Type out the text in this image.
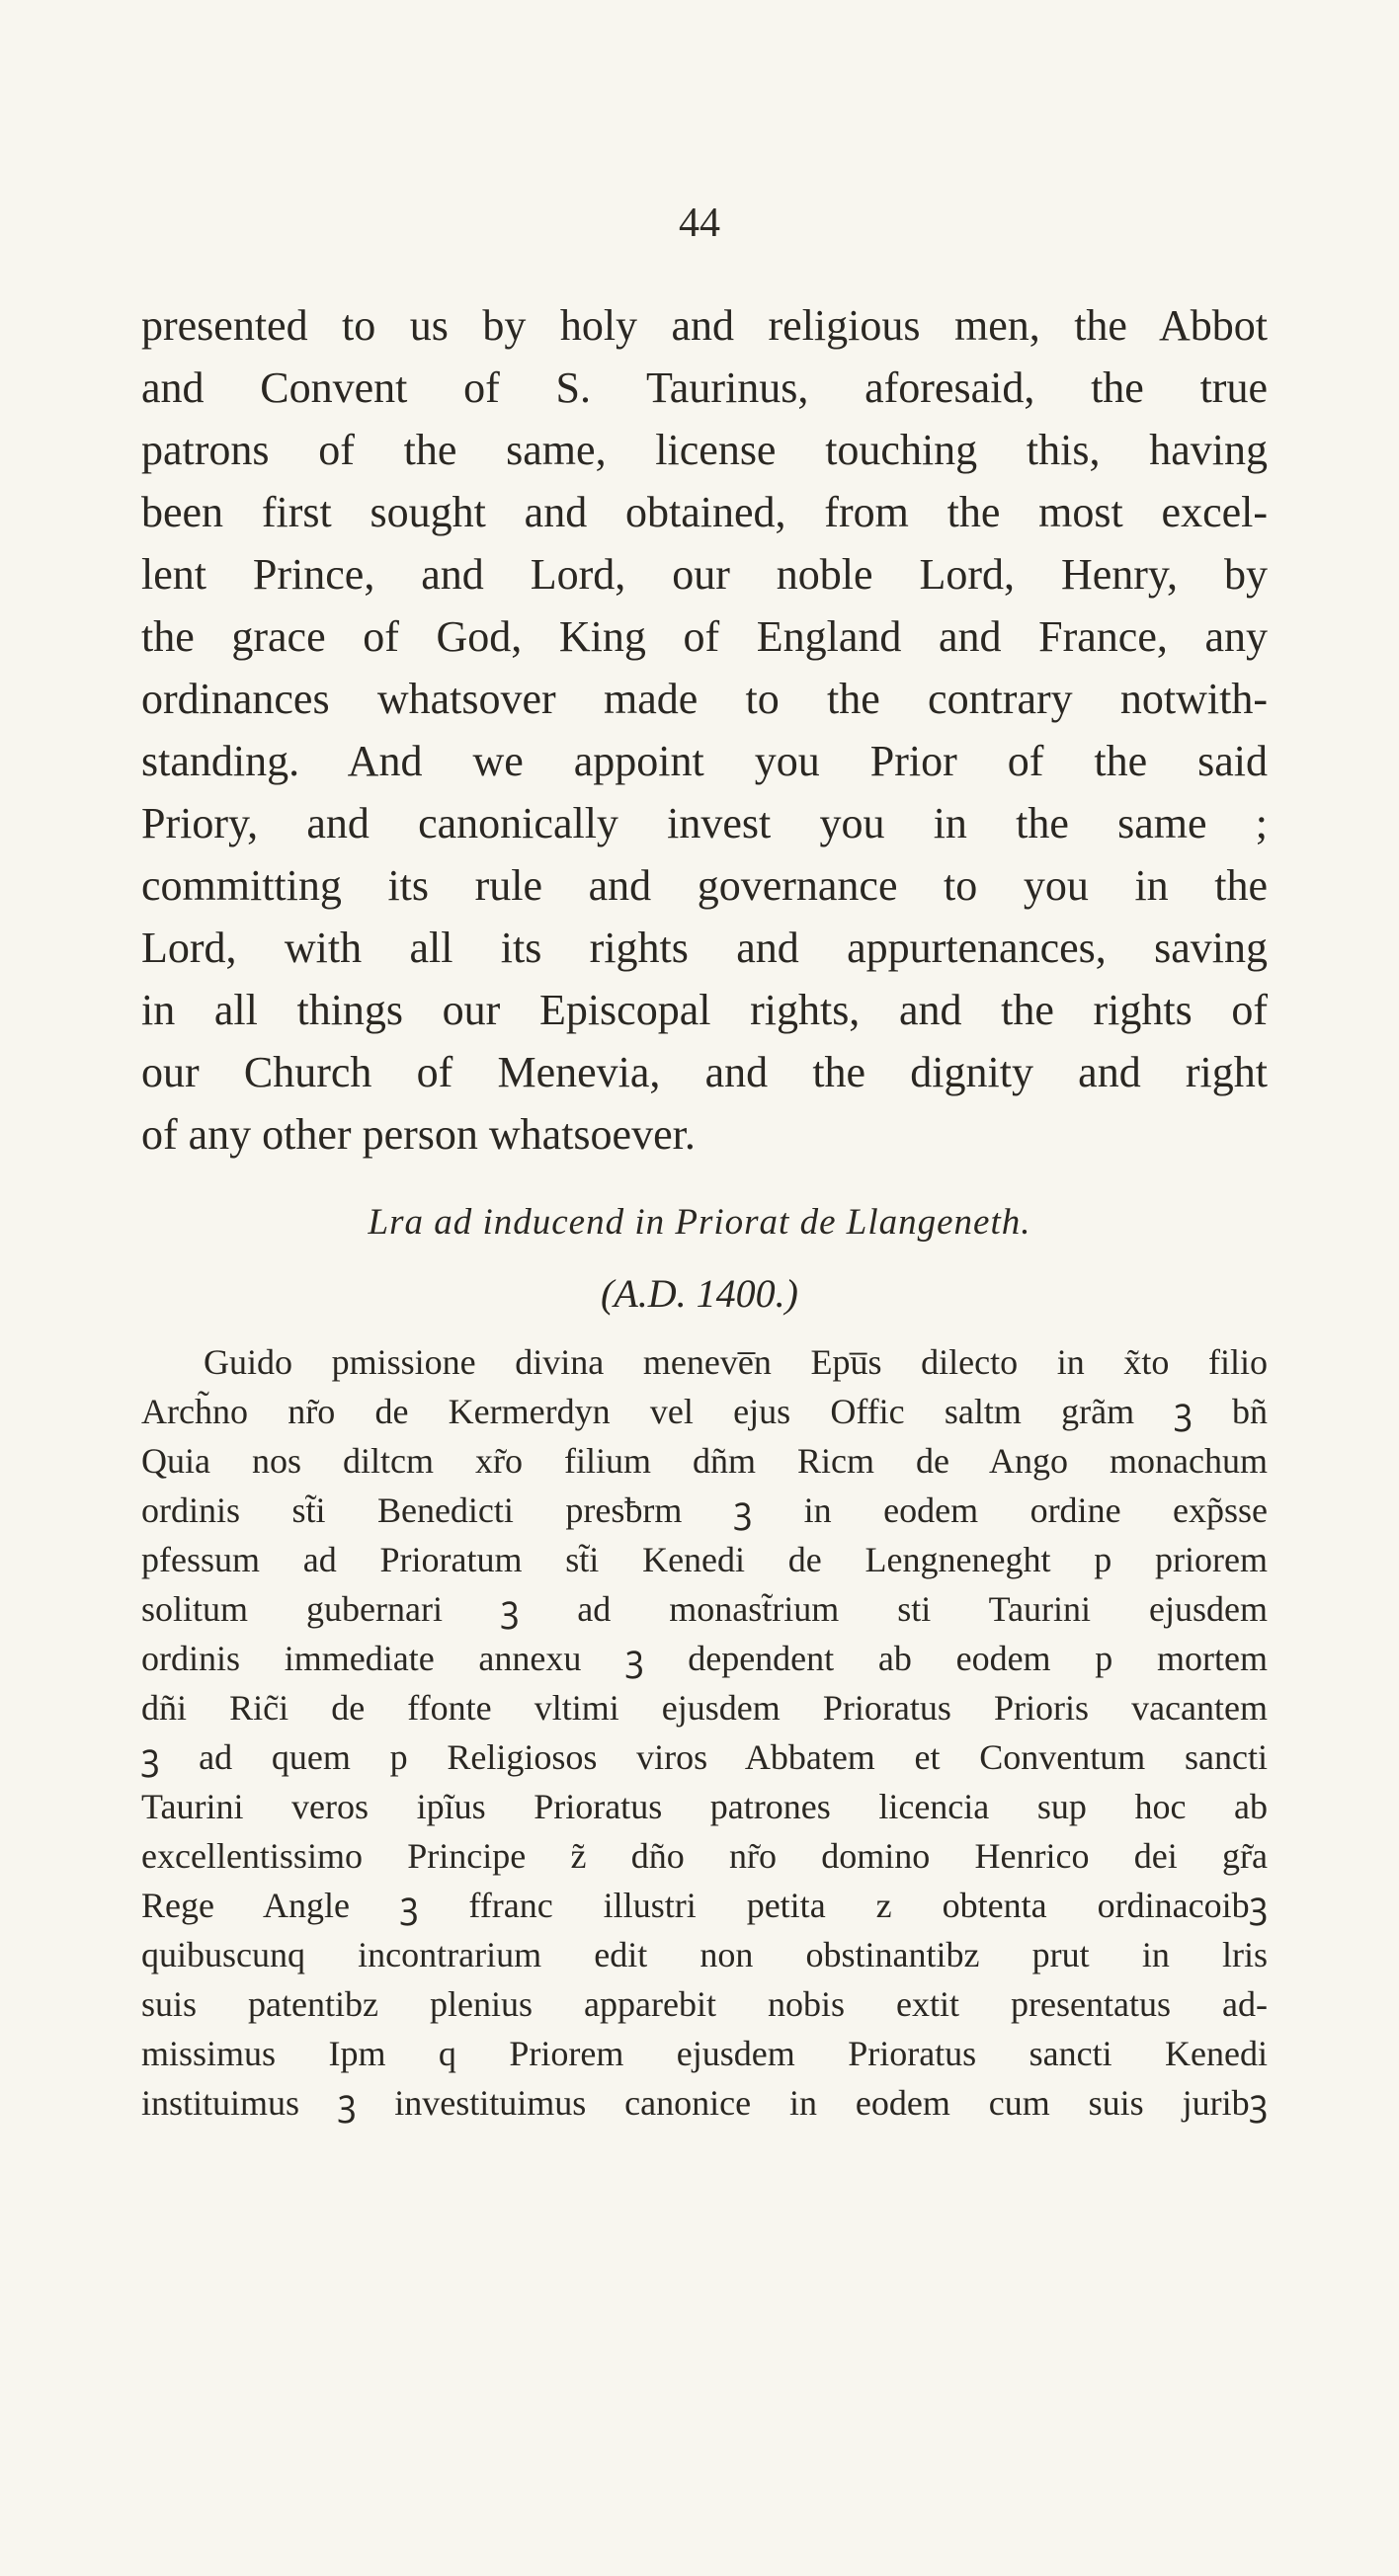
44
presented to us by holy and religious men, the Abbot
and Convent of S. Taurinus, aforesaid, the true
patrons of the same, license touching this, having
been first sought and obtained, from the most excel-
lent Prince, and Lord, our noble Lord, Henry, by
the grace of God, King of England and France, any
ordinances whatsover made to the contrary notwith-
standing. And we appoint you Prior of the said
Priory, and canonically invest you in the same ;
committing its rule and governance to you in the
Lord, with all its rights and appurtenances, saving
in all things our Episcopal rights, and the rights of
our Church of Menevia, and the dignity and right
of any other person whatsoever.
Lra ad inducend in Priorat de Llangeneth.
(A.D. 1400.)
Guido pmissione divina meneve̅n Epu̅s dilecto in x̃to filio
Arch̃no nr̃o de Kermerdyn vel ejus Offic saltm grãm ꝫ bñ
Quia nos diltcm xr̃o filium dñm Ricm de Ango monachum
ordinis st̃i Benedicti presƀrm ꝫ in eodem ordine exp̃sse
pfessum ad Prioratum st̃i Kenedi de Lengneneght p priorem
solitum gubernari ꝫ ad monast̃rium sti Taurini ejusdem
ordinis immediate annexu ꝫ dependent ab eodem p mortem
dñi Ric̃i de ffonte vltimi ejusdem Prioratus Prioris vacantem
ꝫ ad quem p Religiosos viros Abbatem et Conventum sancti
Taurini veros ipĩus Prioratus patrones licencia sup hoc ab
excellentissimo Principe z̃ dño nr̃o domino Henrico dei gr̃a
Rege Angle ꝫ ffranc illustri petita z obtenta ordinacoibꝫ
quibuscunq incontrarium edit non obstinantibz prut in lris
suis patentibz plenius apparebit nobis extit presentatus ad-
missimus Ipm q Priorem ejusdem Prioratus sancti Kenedi
instituimus ꝫ investituimus canonice in eodem cum suis juribꝫ
